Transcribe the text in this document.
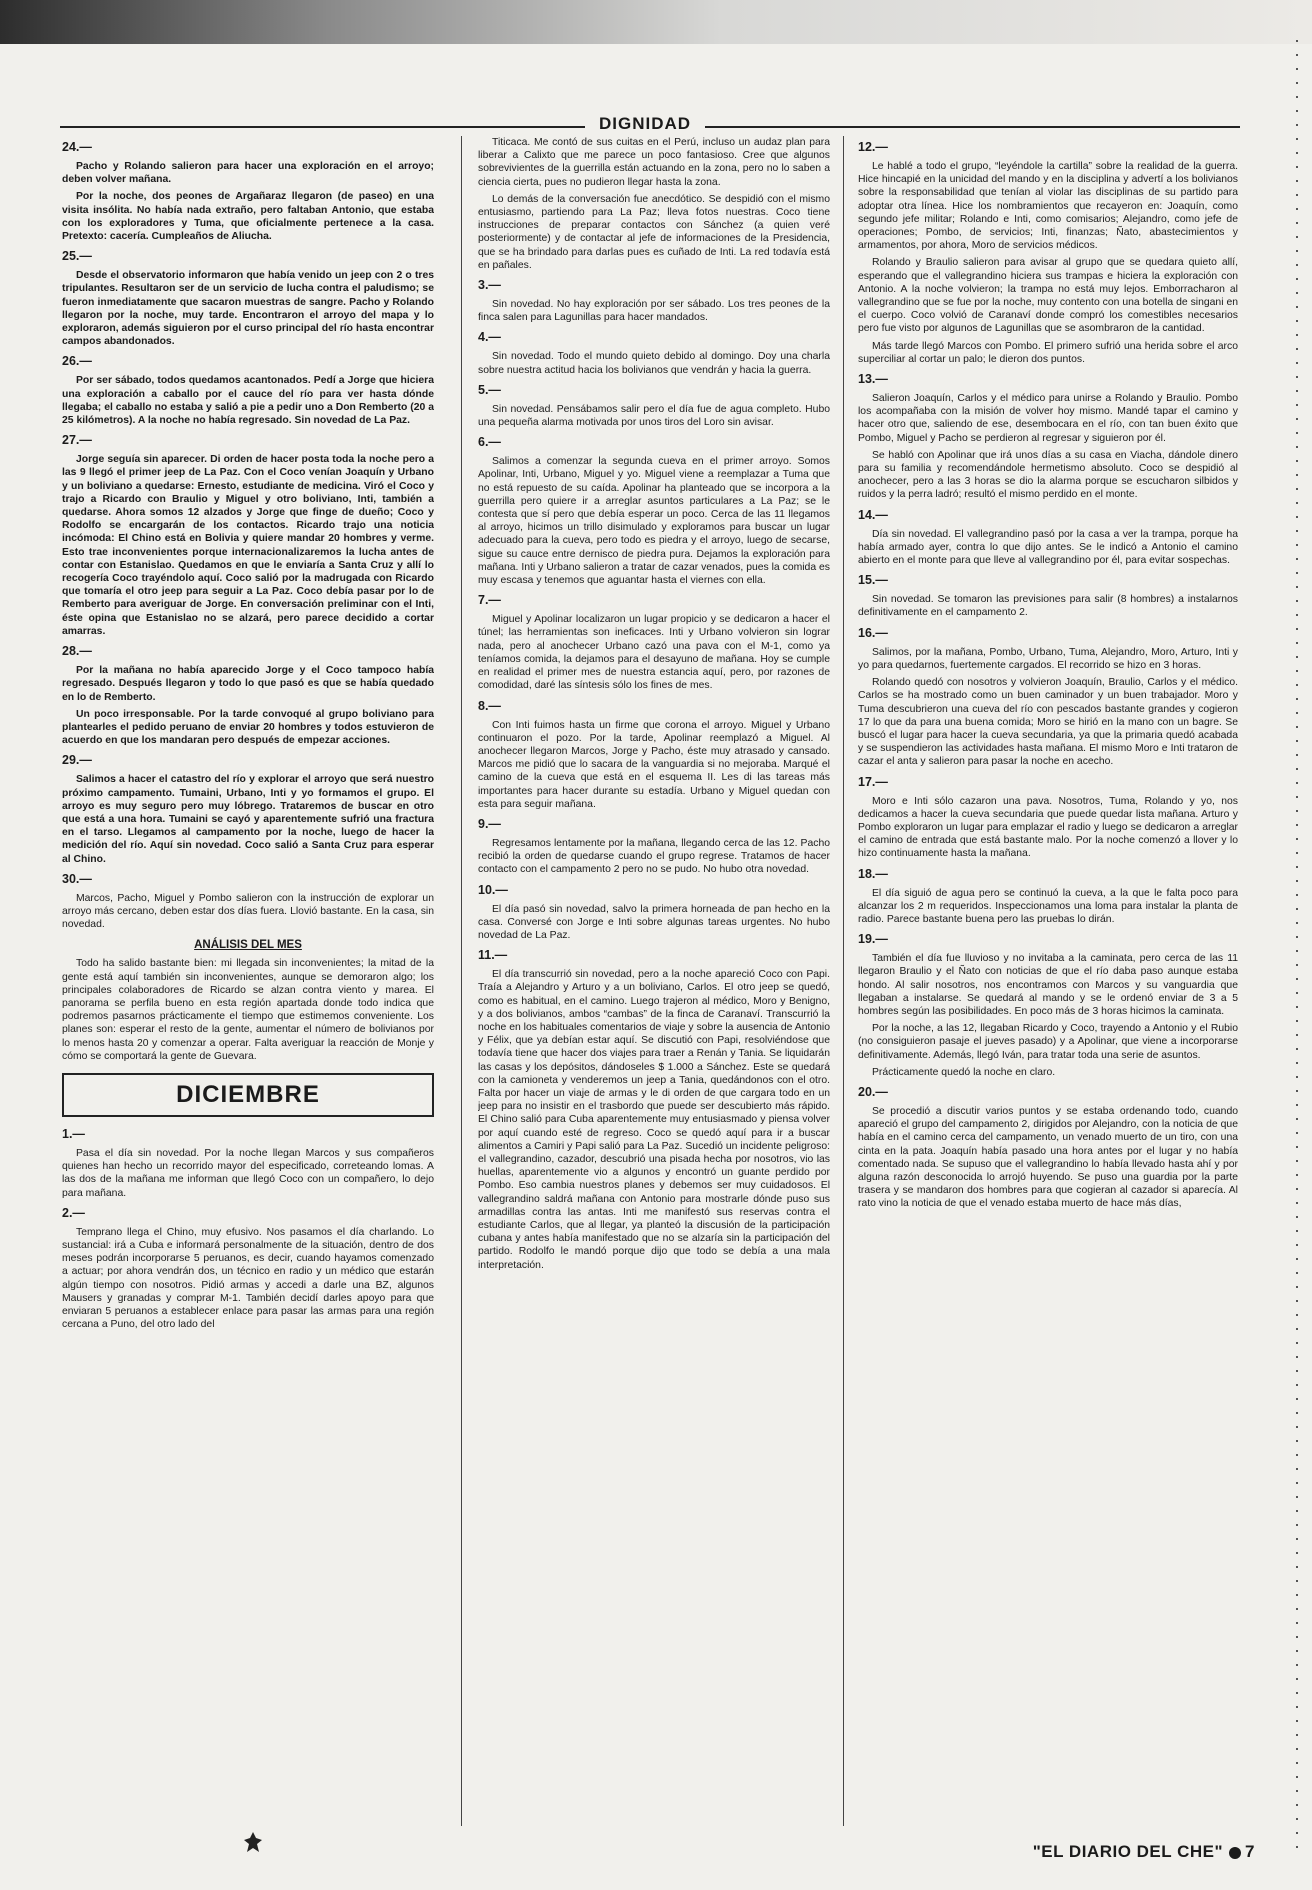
DIGNIDAD
24.—

Pacho y Rolando salieron para hacer una exploración en el arroyo; deben volver mañana.

Por la noche, dos peones de Argañaraz llegaron (de paseo) en una visita insólita. No había nada extraño, pero faltaban Antonio, que estaba con los exploradores y Tuma, que oficialmente pertenece a la casa. Pretexto: cacería. Cumpleaños de Aliucha.

25.—

Desde el observatorio informaron que había venido un jeep con 2 o tres tripulantes. Resultaron ser de un servicio de lucha contra el paludismo; se fueron inmediatamente que sacaron muestras de sangre. Pacho y Rolando llegaron por la noche, muy tarde. Encontraron el arroyo del mapa y lo exploraron, además siguieron por el curso principal del río hasta encontrar campos abandonados.

26.—

Por ser sábado, todos quedamos acantonados. Pedí a Jorge que hiciera una exploración a caballo por el cauce del río para ver hasta dónde llegaba; el caballo no estaba y salió a pie a pedir uno a Don Remberto (20 a 25 kilómetros). A la noche no había regresado. Sin novedad de La Paz.

27.—

Jorge seguía sin aparecer. Di orden de hacer posta toda la noche pero a las 9 llegó el primer jeep de La Paz. Con el Coco venían Joaquín y Urbano y un boliviano a quedarse: Ernesto, estudiante de medicina. Viró el Coco y trajo a Ricardo con Braulio y Miguel y otro boliviano, Inti, también a quedarse. Ahora somos 12 alzados y Jorge que finge de dueño; Coco y Rodolfo se encargarán de los contactos. Ricardo trajo una noticia incómoda: El Chino está en Bolivia y quiere mandar 20 hombres y verme. Esto trae inconvenientes porque internacionalizaremos la lucha antes de contar con Estanislao. Quedamos en que le enviaría a Santa Cruz y allí lo recogería Coco trayéndolo aquí. Coco salió por la madrugada con Ricardo que tomaría el otro jeep para seguir a La Paz. Coco debía pasar por lo de Remberto para averiguar de Jorge. En conversación preliminar con el Inti, éste opina que Estanislao no se alzará, pero parece decidido a cortar amarras.

28.—

Por la mañana no había aparecido Jorge y el Coco tampoco había regresado. Después llegaron y todo lo que pasó es que se había quedado en lo de Remberto.

Un poco irresponsable. Por la tarde convoqué al grupo boliviano para plantearles el pedido peruano de enviar 20 hombres y todos estuvieron de acuerdo en que los mandaran pero después de empezar acciones.

29.—

Salimos a hacer el catastro del río y explorar el arroyo que será nuestro próximo campamento. Tumaini, Urbano, Inti y yo formamos el grupo. El arroyo es muy seguro pero muy lóbrego. Trataremos de buscar en otro que está a una hora. Tumaini se cayó y aparentemente sufrió una fractura en el tarso. Llegamos al campamento por la noche, luego de hacer la medición del río. Aquí sin novedad. Coco salió a Santa Cruz para esperar al Chino.

30.—

Marcos, Pacho, Miguel y Pombo salieron con la instrucción de explorar un arroyo más cercano, deben estar dos días fuera. Llovió bastante. En la casa, sin novedad.

ANÁLISIS DEL MES

Todo ha salido bastante bien: mi llegada sin inconvenientes; la mitad de la gente está aquí también sin inconvenientes, aunque se demoraron algo; los principales colaboradores de Ricardo se alzan contra viento y marea. El panorama se perfila bueno en esta región apartada donde todo indica que podremos pasarnos prácticamente el tiempo que estimemos conveniente. Los planes son: esperar el resto de la gente, aumentar el número de bolivianos por lo menos hasta 20 y comenzar a operar. Falta averiguar la reacción de Monje y cómo se comportará la gente de Guevara.

DICIEMBRE
1.—

Pasa el día sin novedad. Por la noche llegan Marcos y sus compañeros quienes han hecho un recorrido mayor del especificado, correteando lomas. A las dos de la mañana me informan que llegó Coco con un compañero, lo dejo para mañana.

2.—

Temprano llega el Chino, muy efusivo. Nos pasamos el día charlando. Lo sustancial: irá a Cuba e informará personalmente de la situación, dentro de dos meses podrán incorporarse 5 peruanos, es decir, cuando hayamos comenzado a actuar; por ahora vendrán dos, un técnico en radio y un médico que estarán algún tiempo con nosotros. Pidió armas y accedi a darle una BZ, algunos Mausers y granadas y comprar M-1. También decidí darles apoyo para que enviaran 5 peruanos a establecer enlace para pasar las armas para una región cercana a Puno, del otro lado del

Titicaca. Me contó de sus cuitas en el Perú, incluso un audaz plan para liberar a Calixto que me parece un poco fantasioso. Cree que algunos sobrevivientes de la guerrilla están actuando en la zona, pero no lo saben a ciencia cierta, pues no pudieron llegar hasta la zona.

Lo demás de la conversación fue anecdótico. Se despidió con el mismo entusiasmo, partiendo para La Paz; lleva fotos nuestras. Coco tiene instrucciones de preparar contactos con Sánchez (a quien veré posteriormente) y de contactar al jefe de informaciones de la Presidencia, que se ha brindado para darlas pues es cuñado de Inti. La red todavía está en pañales.

3.—

Sin novedad. No hay exploración por ser sábado. Los tres peones de la finca salen para Lagunillas para hacer mandados.

4.—

Sin novedad. Todo el mundo quieto debido al domingo. Doy una charla sobre nuestra actitud hacia los bolivianos que vendrán y hacia la guerra.

5.—

Sin novedad. Pensábamos salir pero el día fue de agua completo. Hubo una pequeña alarma motivada por unos tiros del Loro sin avisar.

6.—

Salimos a comenzar la segunda cueva en el primer arroyo. Somos Apolinar, Inti, Urbano, Miguel y yo. Miguel viene a reemplazar a Tuma que no está repuesto de su caída. Apolinar ha planteado que se incorpora a la guerrilla pero quiere ir a arreglar asuntos particulares a La Paz; se le contesta que sí pero que debía esperar un poco. Cerca de las 11 llegamos al arroyo, hicimos un trillo disimulado y exploramos para buscar un lugar adecuado para la cueva, pero todo es piedra y el arroyo, luego de secarse, sigue su cauce entre dernisco de piedra pura. Dejamos la exploración para mañana. Inti y Urbano salieron a tratar de cazar venados, pues la comida es muy escasa y tenemos que aguantar hasta el viernes con ella.

7.—

Miguel y Apolinar localizaron un lugar propicio y se dedicaron a hacer el túnel; las herramientas son ineficaces. Inti y Urbano volvieron sin lograr nada, pero al anochecer Urbano cazó una pava con el M-1, como ya teníamos comida, la dejamos para el desayuno de mañana. Hoy se cumple en realidad el primer mes de nuestra estancia aquí, pero, por razones de comodidad, daré las síntesis sólo los fines de mes.

8.—

Con Inti fuimos hasta un firme que corona el arroyo. Miguel y Urbano continuaron el pozo. Por la tarde, Apolinar reemplazó a Miguel. Al anochecer llegaron Marcos, Jorge y Pacho, éste muy atrasado y cansado. Marcos me pidió que lo sacara de la vanguardia si no mejoraba. Marqué el camino de la cueva que está en el esquema II. Les di las tareas más importantes para hacer durante su estadía. Urbano y Miguel quedan con esta para seguir mañana.

9.—

Regresamos lentamente por la mañana, llegando cerca de las 12. Pacho recibió la orden de quedarse cuando el grupo regrese. Tratamos de hacer contacto con el campamento 2 pero no se pudo. No hubo otra novedad.

10.—

El día pasó sin novedad, salvo la primera horneada de pan hecho en la casa. Conversé con Jorge e Inti sobre algunas tareas urgentes. No hubo novedad de La Paz.

11.—

El día transcurrió sin novedad, pero a la noche apareció Coco con Papi. Traía a Alejandro y Arturo y a un boliviano, Carlos. El otro jeep se quedó, como es habitual, en el camino. Luego trajeron al médico, Moro y Benigno, y a dos bolivianos, ambos “cambas” de la finca de Caranaví. Transcurrió la noche en los habituales comentarios de viaje y sobre la ausencia de Antonio y Félix, que ya debían estar aquí. Se discutió con Papi, resolviéndose que todavía tiene que hacer dos viajes para traer a Renán y Tania. Se liquidarán las casas y los depósitos, dándoseles $ 1.000 a Sánchez. Este se quedará con la camioneta y venderemos un jeep a Tania, quedándonos con el otro. Falta por hacer un viaje de armas y le di orden de que cargara todo en un jeep para no insistir en el trasbordo que puede ser descubierto más rápido. El Chino salió para Cuba aparentemente muy entusiasmado y piensa volver por aquí cuando esté de regreso. Coco se quedó aquí para ir a buscar alimentos a Camiri y Papi salió para La Paz. Sucedió un incidente peligroso: el vallegrandino, cazador, descubrió una pisada hecha por nosotros, vio las huellas, aparentemente vio a algunos y encontró un guante perdido por Pombo. Eso cambia nuestros planes y debemos ser muy cuidadosos. El vallegrandino saldrá mañana con Antonio para mostrarle dónde puso sus armadillas contra las antas. Inti me manifestó sus reservas contra el estudiante Carlos, que al llegar, ya planteó la discusión de la participación cubana y antes había manifestado que no se alzaría sin la participación del partido. Rodolfo le mandó porque dijo que todo se debía a una mala interpretación.

12.—

Le hablé a todo el grupo, “leyéndole la cartilla” sobre la realidad de la guerra. Hice hincapié en la unicidad del mando y en la disciplina y advertí a los bolivianos sobre la responsabilidad que tenían al violar las disciplinas de su partido para adoptar otra línea. Hice los nombramientos que recayeron en: Joaquín, como segundo jefe militar; Rolando e Inti, como comisarios; Alejandro, como jefe de operaciones; Pombo, de servicios; Inti, finanzas; Ñato, abastecimientos y armamentos, por ahora, Moro de servicios médicos.

Rolando y Braulio salieron para avisar al grupo que se quedara quieto allí, esperando que el vallegrandino hiciera sus trampas e hiciera la exploración con Antonio. A la noche volvieron; la trampa no está muy lejos. Emborracharon al vallegrandino que se fue por la noche, muy contento con una botella de singani en el cuerpo. Coco volvió de Caranaví donde compró los comestibles necesarios pero fue visto por algunos de Lagunillas que se asombraron de la cantidad.

Más tarde llegó Marcos con Pombo. El primero sufrió una herida sobre el arco superciliar al cortar un palo; le dieron dos puntos.

13.—

Salieron Joaquín, Carlos y el médico para unirse a Rolando y Braulio. Pombo los acompañaba con la misión de volver hoy mismo. Mandé tapar el camino y hacer otro que, saliendo de ese, desembocara en el río, con tan buen éxito que Pombo, Miguel y Pacho se perdieron al regresar y siguieron por él.

Se habló con Apolinar que irá unos días a su casa en Viacha, dándole dinero para su familia y recomendándole hermetismo absoluto. Coco se despidió al anochecer, pero a las 3 horas se dio la alarma porque se escucharon silbidos y ruidos y la perra ladró; resultó el mismo perdido en el monte.

14.—

Día sin novedad. El vallegrandino pasó por la casa a ver la trampa, porque ha había armado ayer, contra lo que dijo antes. Se le indicó a Antonio el camino abierto en el monte para que lleve al vallegrandino por él, para evitar sospechas.

15.—

Sin novedad. Se tomaron las previsiones para salir (8 hombres) a instalarnos definitivamente en el campamento 2.

16.—

Salimos, por la mañana, Pombo, Urbano, Tuma, Alejandro, Moro, Arturo, Inti y yo para quedarnos, fuertemente cargados. El recorrido se hizo en 3 horas.

Rolando quedó con nosotros y volvieron Joaquín, Braulio, Carlos y el médico. Carlos se ha mostrado como un buen caminador y un buen trabajador. Moro y Tuma descubrieron una cueva del río con pescados bastante grandes y cogieron 17 lo que da para una buena comida; Moro se hirió en la mano con un bagre. Se buscó el lugar para hacer la cueva secundaria, ya que la primaria quedó acabada y se suspendieron las actividades hasta mañana. El mismo Moro e Inti trataron de cazar el anta y salieron para pasar la noche en acecho.

17.—

Moro e Inti sólo cazaron una pava. Nosotros, Tuma, Rolando y yo, nos dedicamos a hacer la cueva secundaria que puede quedar lista mañana. Arturo y Pombo exploraron un lugar para emplazar el radio y luego se dedicaron a arreglar el camino de entrada que está bastante malo. Por la noche comenzó a llover y lo hizo continuamente hasta la mañana.

18.—

El día siguió de agua pero se continuó la cueva, a la que le falta poco para alcanzar los 2 m requeridos. Inspeccionamos una loma para instalar la planta de radio. Parece bastante buena pero las pruebas lo dirán.

19.—

También el día fue lluvioso y no invitaba a la caminata, pero cerca de las 11 llegaron Braulio y el Ñato con noticias de que el río daba paso aunque estaba hondo. Al salir nosotros, nos encontramos con Marcos y su vanguardia que llegaban a instalarse. Se quedará al mando y se le ordenó enviar de 3 a 5 hombres según las posibilidades. En poco más de 3 horas hicimos la caminata.

Por la noche, a las 12, llegaban Ricardo y Coco, trayendo a Antonio y el Rubio (no consiguieron pasaje el jueves pasado) y a Apolinar, que viene a incorporarse definitivamente. Además, llegó Iván, para tratar toda una serie de asuntos.

Prácticamente quedó la noche en claro.

20.—

Se procedió a discutir varios puntos y se estaba ordenando todo, cuando apareció el grupo del campamento 2, dirigidos por Alejandro, con la noticia de que había en el camino cerca del campamento, un venado muerto de un tiro, con una cinta en la pata. Joaquín había pasado una hora antes por el lugar y no había comentado nada. Se supuso que el vallegrandino lo había llevado hasta ahí y por alguna razón desconocida lo arrojó huyendo. Se puso una guardia por la parte trasera y se mandaron dos hombres para que cogieran al cazador si aparecía. Al rato vino la noticia de que el venado estaba muerto de hace más días,

"EL DIARIO DEL CHE" 7
